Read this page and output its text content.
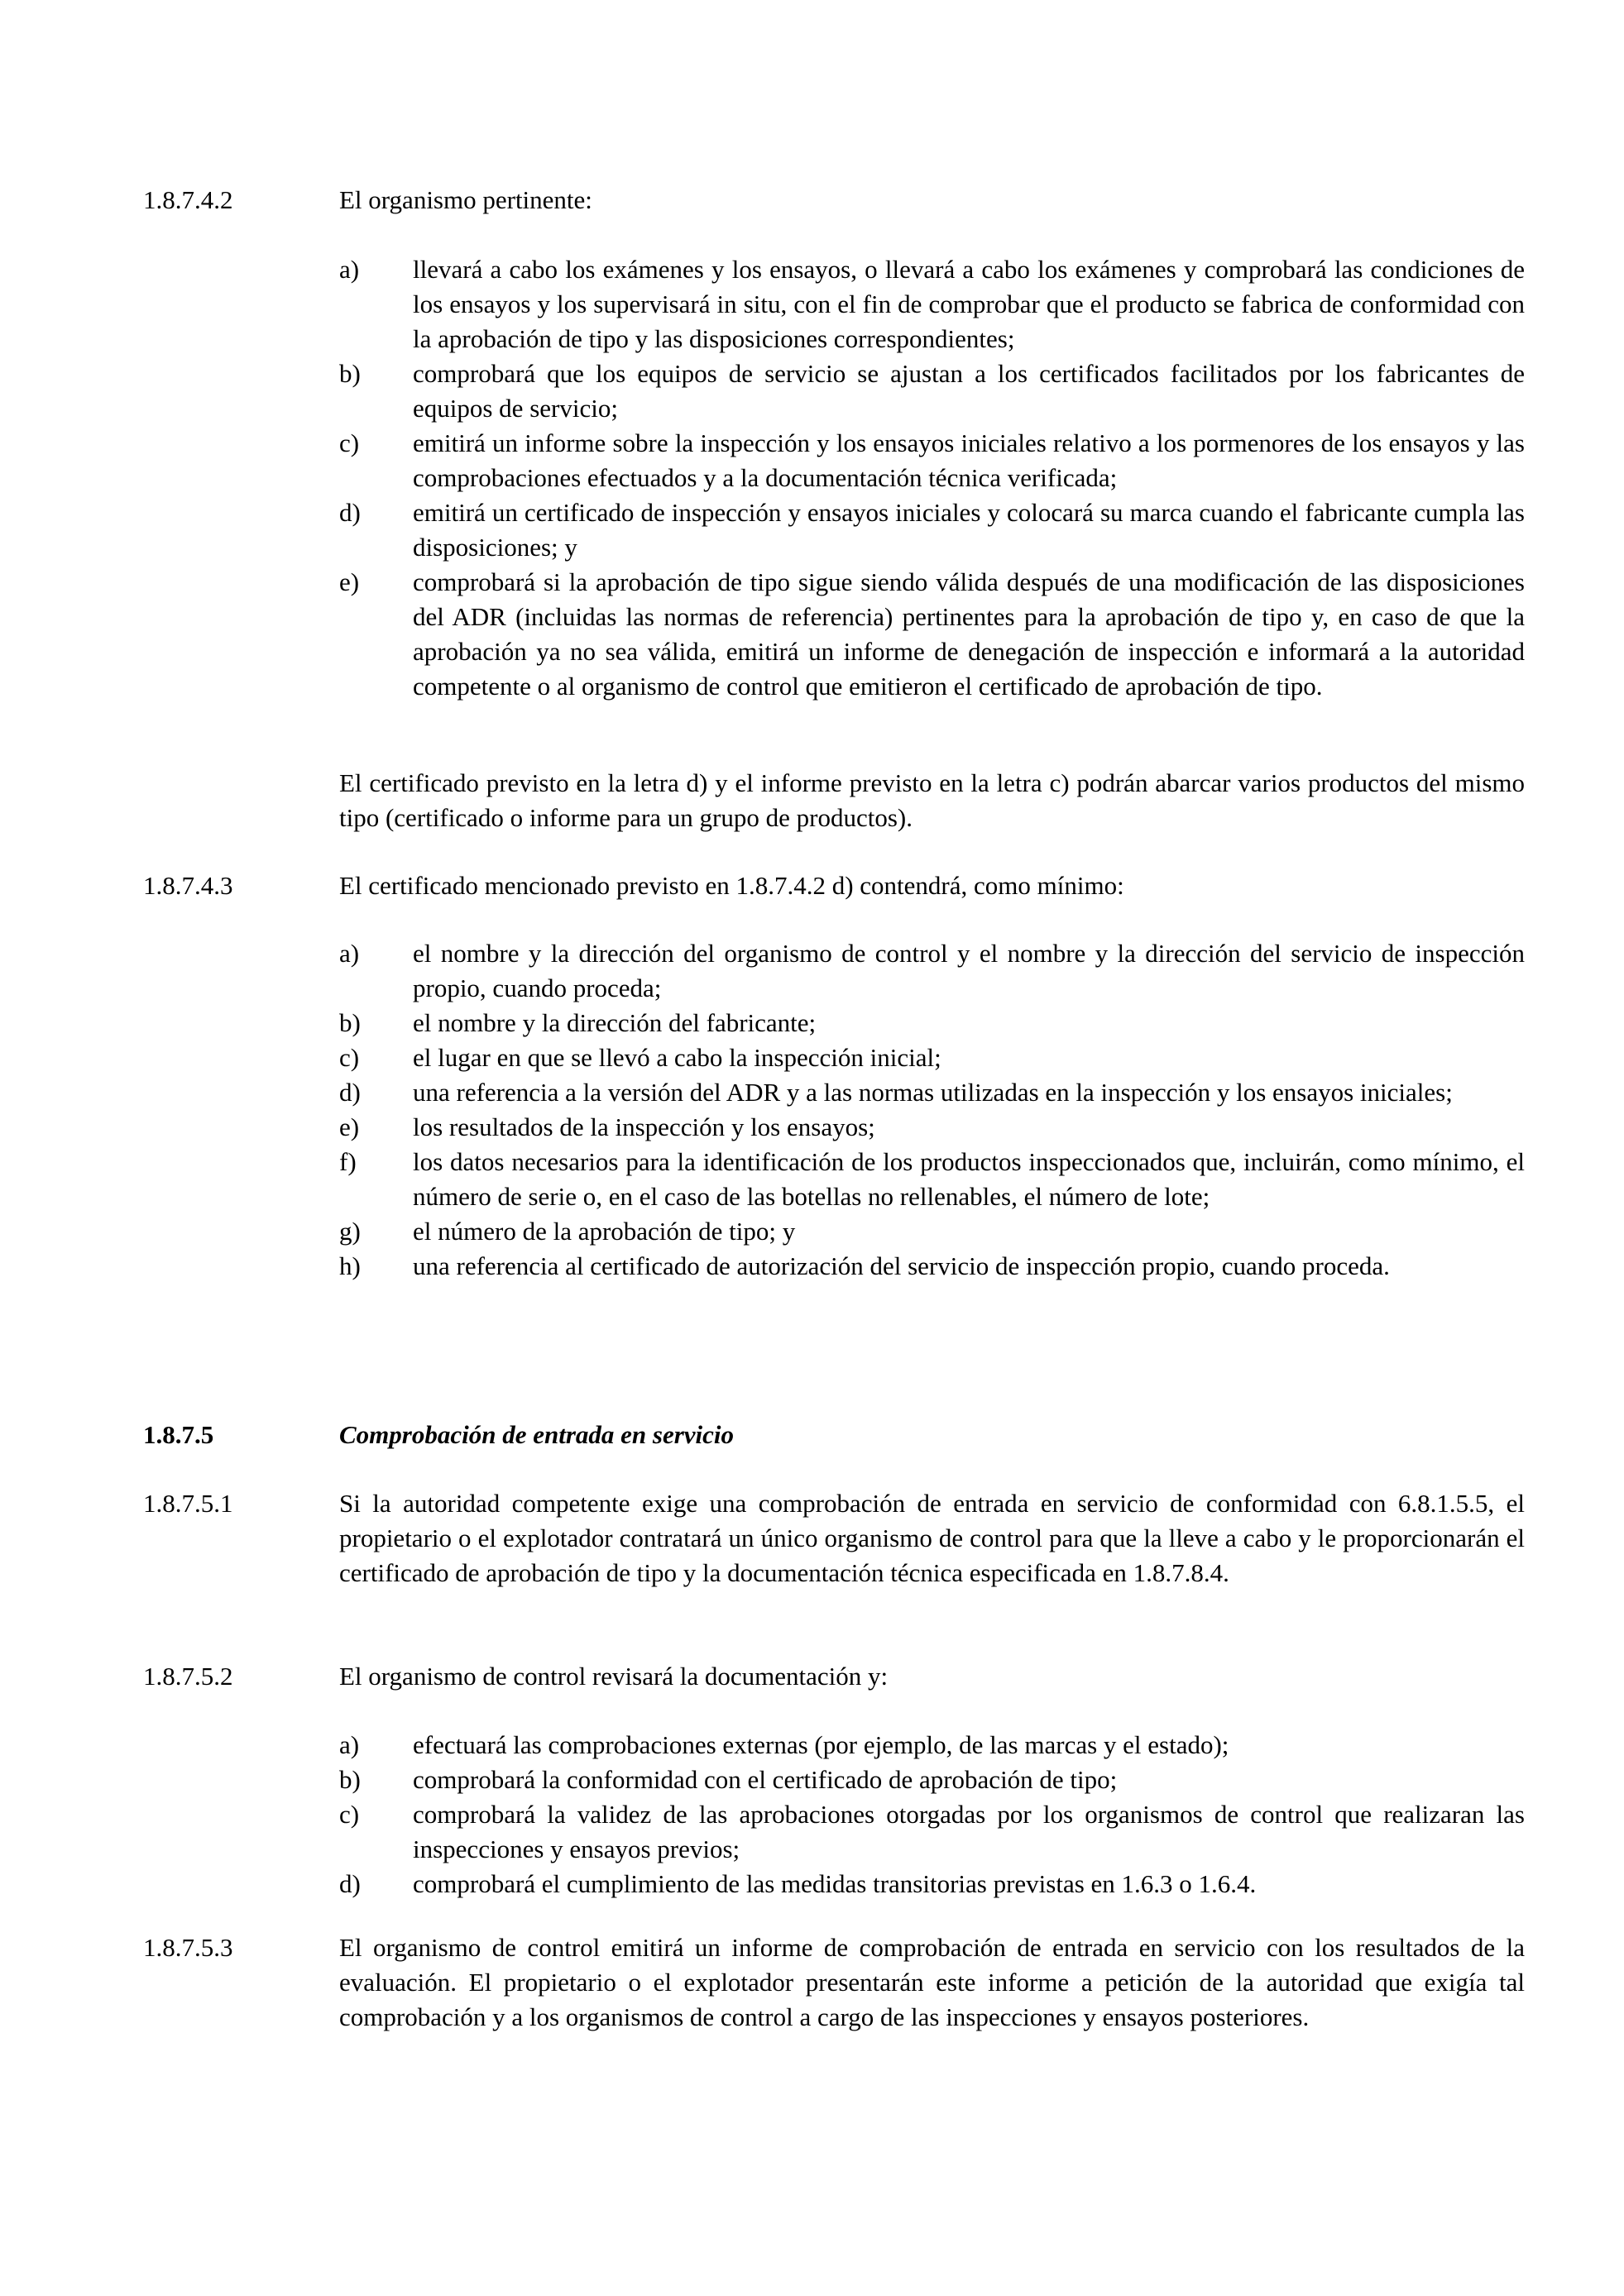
1.8.7.4.2	El organismo pertinente:
a)	llevará a cabo los exámenes y los ensayos, o llevará a cabo los exámenes y comprobará las condiciones de los ensayos y los supervisará in situ, con el fin de comprobar que el producto se fabrica de conformidad con la aprobación de tipo y las disposiciones correspondientes;
b)	comprobará que los equipos de servicio se ajustan a los certificados facilitados por los fabricantes de equipos de servicio;
c)	emitirá un informe sobre la inspección y los ensayos iniciales relativo a los pormenores de los ensayos y las comprobaciones efectuados y a la documentación técnica verificada;
d)	emitirá un certificado de inspección y ensayos iniciales y colocará su marca cuando el fabricante cumpla las disposiciones; y
e)	comprobará si la aprobación de tipo sigue siendo válida después de una modificación de las disposiciones del ADR (incluidas las normas de referencia) pertinentes para la aprobación de tipo y, en caso de que la aprobación ya no sea válida, emitirá un informe de denegación de inspección e informará a la autoridad competente o al organismo de control que emitieron el certificado de aprobación de tipo.
El certificado previsto en la letra d) y el informe previsto en la letra c) podrán abarcar varios productos del mismo tipo (certificado o informe para un grupo de productos).
1.8.7.4.3	El certificado mencionado previsto en 1.8.7.4.2 d) contendrá, como mínimo:
a)	el nombre y la dirección del organismo de control y el nombre y la dirección del servicio de inspección propio, cuando proceda;
b)	el nombre y la dirección del fabricante;
c)	el lugar en que se llevó a cabo la inspección inicial;
d)	una referencia a la versión del ADR y a las normas utilizadas en la inspección y los ensayos iniciales;
e)	los resultados de la inspección y los ensayos;
f)	los datos necesarios para la identificación de los productos inspeccionados que, incluirán, como mínimo, el número de serie o, en el caso de las botellas no rellenables, el número de lote;
g)	el número de la aprobación de tipo; y
h)	una referencia al certificado de autorización del servicio de inspección propio, cuando proceda.
1.8.7.5	Comprobación de entrada en servicio
1.8.7.5.1	Si la autoridad competente exige una comprobación de entrada en servicio de conformidad con 6.8.1.5.5, el propietario o el explotador contratará un único organismo de control para que la lleve a cabo y le proporcionarán el certificado de aprobación de tipo y la documentación técnica especificada en 1.8.7.8.4.
1.8.7.5.2	El organismo de control revisará la documentación y:
a)	efectuará las comprobaciones externas (por ejemplo, de las marcas y el estado);
b)	comprobará la conformidad con el certificado de aprobación de tipo;
c)	comprobará la validez de las aprobaciones otorgadas por los organismos de control que realizaran las inspecciones y ensayos previos;
d)	comprobará el cumplimiento de las medidas transitorias previstas en 1.6.3 o 1.6.4.
1.8.7.5.3	El organismo de control emitirá un informe de comprobación de entrada en servicio con los resultados de la evaluación. El propietario o el explotador presentarán este informe a petición de la autoridad que exigía tal comprobación y a los organismos de control a cargo de las inspecciones y ensayos posteriores.
